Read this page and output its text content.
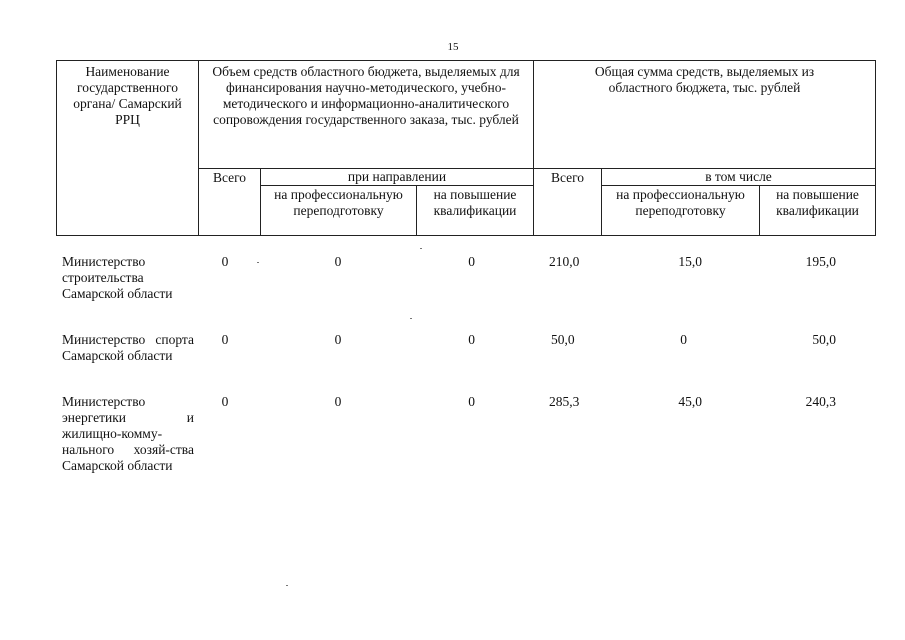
15
Наименование государственного органа/ Самарский РРЦ	Объем средств областного бюджета, выделяемых для финансирования научно-методического, учебно-методического и информационно-аналитического сопровождения государственного заказа, тыс. рублей			Общая сумма средств, выделяемых из областного бюджета, тыс. рублей		
	Всего	при направлении		Всего	в том числе	
		на профессиональную переподготовку	на повышение квалификации		на профессиональную переподготовку	на повышение квалификации
Министерство строительства Самарской области	0	0	0	210,0	15,0	195,0

Министерство спорта Самарской области	0	0	0	50,0	0	50,0

Министерство энергетики и жилищно-комму-нального хозяй-ства Самарской области	0	0	0	285,3	45,0	240,3
